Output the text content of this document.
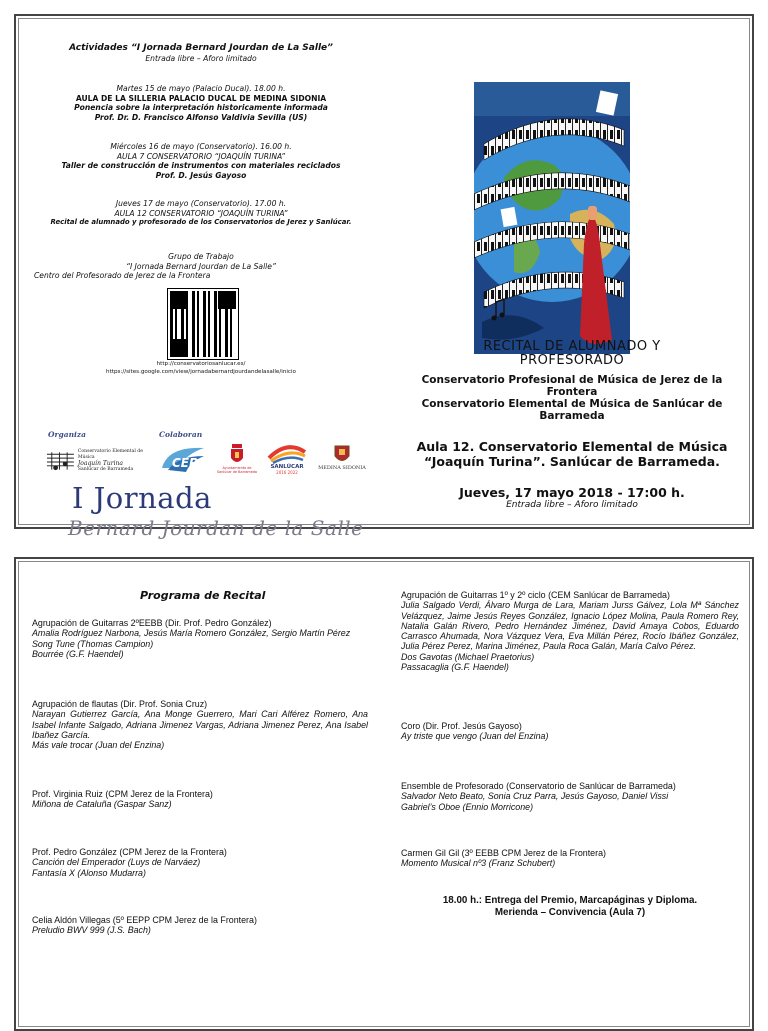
Actividades “I Jornada Bernard Jourdan de La Salle”
Entrada libre – Aforo limitado
Martes 15 de mayo (Palacio Ducal). 18.00 h.
AULA DE LA SILLERIA PALACIO DUCAL DE MEDINA SIDONIA
Ponencia sobre la interpretación historicamente informada
Prof. Dr. D. Francisco Alfonso Valdivia Sevilla (US)
Miércoles 16 de mayo (Conservatorio). 16.00 h.
AULA 7 CONSERVATORIO “JOAQUÍN TURINA”
Taller de construcción de instrumentos con materiales reciclados
Prof. D. Jesús Gayoso
Jueves 17 de mayo (Conservatorio). 17.00 h.
AULA 12 CONSERVATORIO “JOAQUÍN TURINA”
Recital de alumnado y profesorado de los Conservatorios de Jerez y Sanlúcar.
Grupo de Trabajo
“I Jornada Bernard Jourdan de La Salle”
Centro del Profesorado de Jerez de la Frontera
http://conservatoriosanlucar.es/
https://sites.google.com/view/jornadabernardjourdandelasalle/inicio
Organiza	Colaboran
Conservatorio Elemental de Música
Joaquín Turina
Sanlúcar de Barrameda	CEP	Ayuntamiento de Sanlúcar de Barrameda
SANLÚCAR
2016 2022
MEDINA SIDONIA
I Jornada
Bernard Jourdan de la Salle
RECITAL DE ALUMNADO Y
PROFESORADO
Conservatorio Profesional de Música de Jerez de la Frontera
Conservatorio Elemental de Música de Sanlúcar de Barrameda
Aula 12. Conservatorio Elemental de Música “Joaquín Turina”. Sanlúcar de Barrameda.
Jueves, 17 mayo 2018 - 17:00 h.
Entrada libre – Aforo limitado
Programa de Recital
Agrupación de Guitarras 2ºEEBB (Dir. Prof. Pedro González)
Amalia Rodríguez Narbona, Jesús María Romero González, Sergio Martín Pérez
Song Tune (Thomas Campion)
Bourrée (G.F. Haendel)
Agrupación de flautas (Dir. Prof. Sonia Cruz)
Narayan Gutierrez García, Ana Monge Guerrero, Mari Cari Alférez Romero, Ana Isabel Infante Salgado, Adriana Jimenez Vargas, Adriana Jimenez Perez, Ana Isabel Ibañez García.
Más vale trocar (Juan del Enzina)
Prof. Virginia Ruiz (CPM Jerez de la Frontera)
Miñona de Cataluña (Gaspar Sanz)
Prof. Pedro González (CPM Jerez de la Frontera)
Canción del Emperador (Luys de Narváez)
Fantasía X (Alonso Mudarra)
Celia Aldón Villegas (5º EEPP CPM Jerez de la Frontera)
Preludio BWV 999 (J.S. Bach)
Agrupación de Guitarras 1º y 2º ciclo (CEM Sanlúcar de Barrameda)
Julia Salgado Verdi, Álvaro Murga de Lara, Mariam Jurss Gálvez, Lola Mª Sánchez Velázquez, Jaime Jesús Reyes González, Ignacio López Molina, Paula Romero Rey, Natalia Galán Rivero, Pedro Hernández Jiménez, David Amaya Cobos, Eduardo Carrasco Ahumada, Nora Vázquez Vera, Eva Millán Pérez, Rocío Ibáñez González, Julia Pérez Perez, Marina Jiménez, Paula Roca Galán, María Calvo Pérez.
Dos Gavotas (Michael Praetorius)
Passacaglia (G.F. Haendel)
Coro (Dir. Prof. Jesús Gayoso)
Ay triste que vengo (Juan del Enzina)
Ensemble de Profesorado (Conservatorio de Sanlúcar de Barrameda)
Salvador Neto Beato, Sonia Cruz Parra, Jesús Gayoso, Daniel Vissi
Gabriel’s Oboe (Ennio Morricone)
Carmen Gil Gil (3º EEBB CPM Jerez de la Frontera)
Momento Musical nº3 (Franz Schubert)
18.00 h.: Entrega del Premio, Marcapáginas y Diploma.
Merienda – Convivencia (Aula 7)
